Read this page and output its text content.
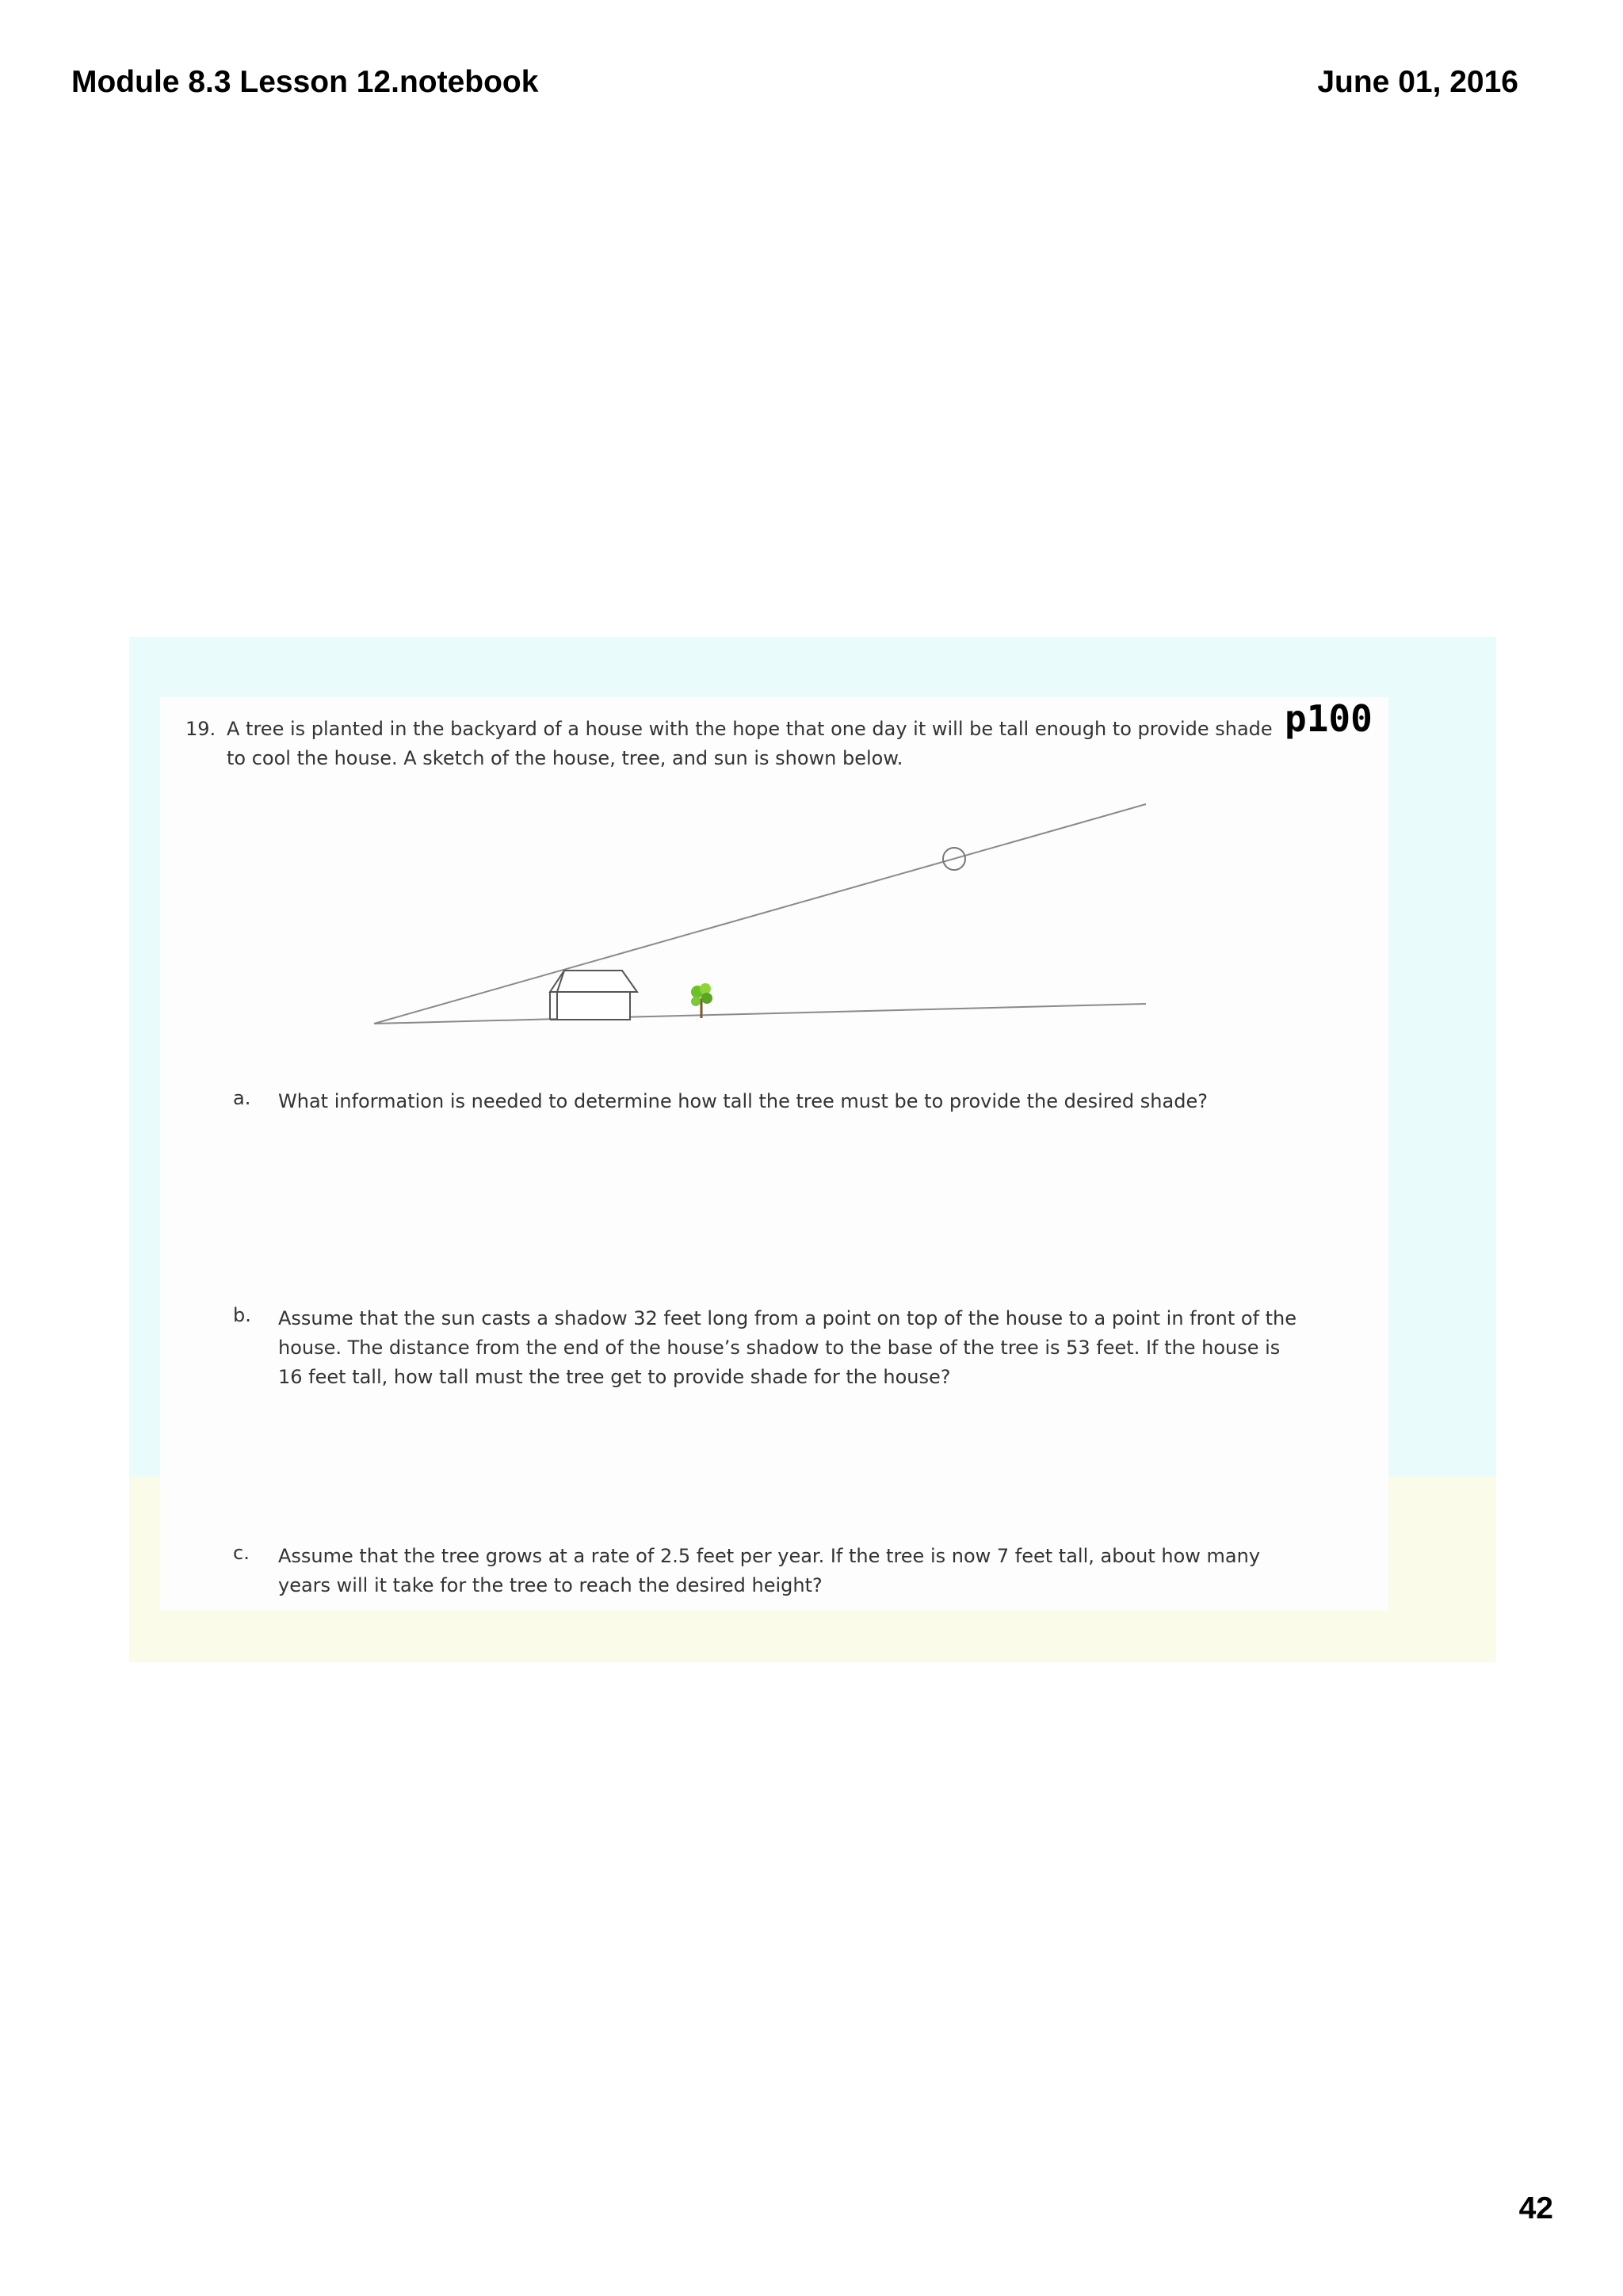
Module 8.3 Lesson 12.notebook	June 01, 2016
19. A tree is planted in the backyard of a house with the hope that one day it will be tall enough to provide shade to cool the house. A sketch of the house, tree, and sun is shown below.
p100
a. What information is needed to determine how tall the tree must be to provide the desired shade?
b. Assume that the sun casts a shadow 32 feet long from a point on top of the house to a point in front of the house. The distance from the end of the house’s shadow to the base of the tree is 53 feet. If the house is 16 feet tall, how tall must the tree get to provide shade for the house?
c. Assume that the tree grows at a rate of 2.5 feet per year. If the tree is now 7 feet tall, about how many years will it take for the tree to reach the desired height?
42
